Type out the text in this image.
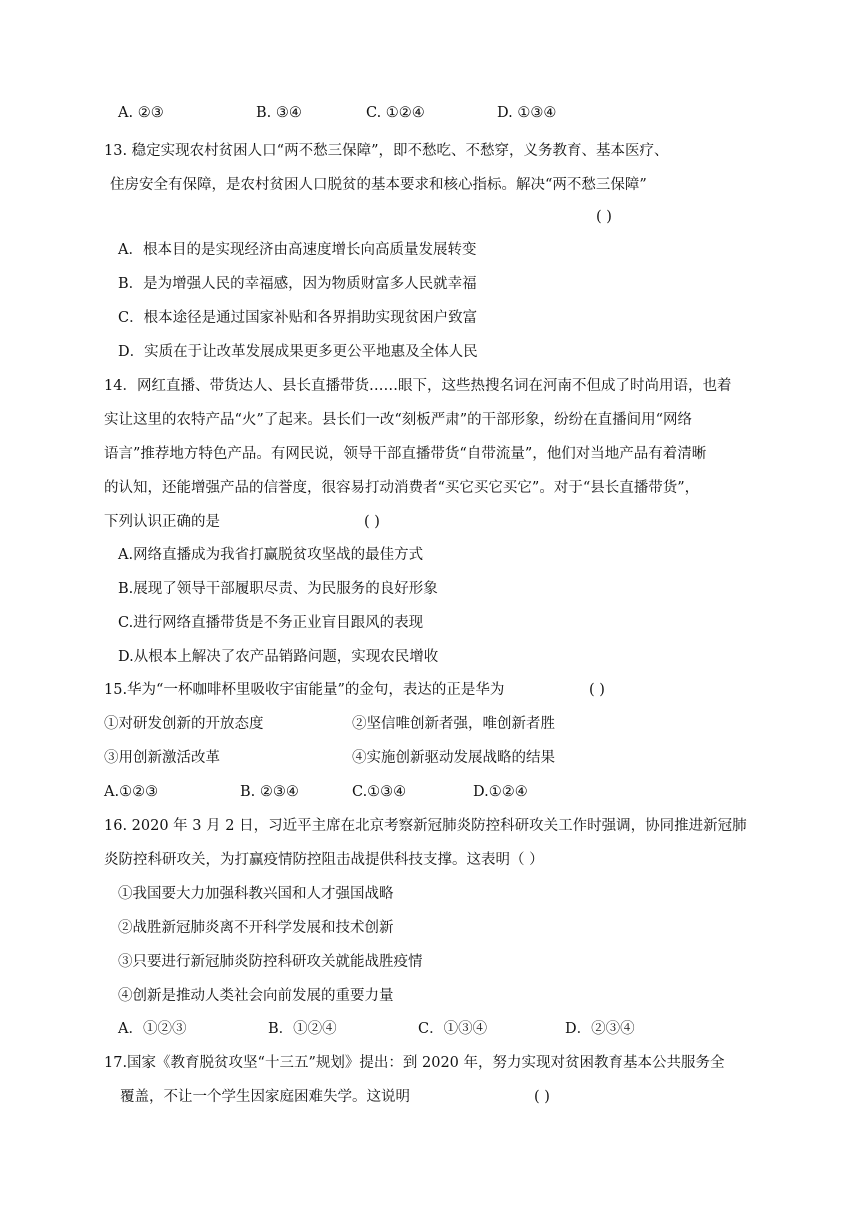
A. ②③	B. ③④	C. ①②④	D. ①③④
13. 稳定实现农村贫困人口“两不愁三保障”，即不愁吃、不愁穿，义务教育、基本医疗、
住房安全有保障，是农村贫困人口脱贫的基本要求和核心指标。解决“两不愁三保障”
( )
A．根本目的是实现经济由高速度增长向高质量发展转变
B．是为增强人民的幸福感，因为物质财富多人民就幸福
C．根本途径是通过国家补贴和各界捐助实现贫困户致富
D．实质在于让改革发展成果更多更公平地惠及全体人民
14．网红直播、带货达人、县长直播带货……眼下，这些热搜名词在河南不但成了时尚用语，也着
实让这里的农特产品“火”了起来。县长们一改“刻板严肃”的干部形象，纷纷在直播间用“网络
语言”推荐地方特色产品。有网民说，领导干部直播带货“自带流量”，他们对当地产品有着清晰
的认知，还能增强产品的信誉度，很容易打动消费者“买它买它买它”。对于“县长直播带货”，
下列认识正确的是	( )
A.网络直播成为我省打赢脱贫攻坚战的最佳方式
B.展现了领导干部履职尽责、为民服务的良好形象
C.进行网络直播带货是不务正业盲目跟风的表现
D.从根本上解决了农产品销路问题，实现农民增收
15.华为“一杯咖啡杯里吸收宇宙能量”的金句，表达的正是华为	( )
①对研发创新的开放态度	②坚信唯创新者强，唯创新者胜
③用创新激活改革	④实施创新驱动发展战略的结果
A.①②③	B. ②③④	C.①③④	D.①②④
16. 2020 年 3 月 2 日，习近平主席在北京考察新冠肺炎防控科研攻关工作时强调，协同推进新冠肺
炎防控科研攻关，为打赢疫情防控阻击战提供科技支撑。这表明（ ）
①我国要大力加强科教兴国和人才强国战略
②战胜新冠肺炎离不开科学发展和技术创新
③只要进行新冠肺炎防控科研攻关就能战胜疫情
④创新是推动人类社会向前发展的重要力量
A．①②③	B．①②④	C．①③④	D．②③④
17.国家《教育脱贫攻坚“十三五”规划》提出：到 2020 年，努力实现对贫困教育基本公共服务全
覆盖，不让一个学生因家庭困难失学。这说明	( )
